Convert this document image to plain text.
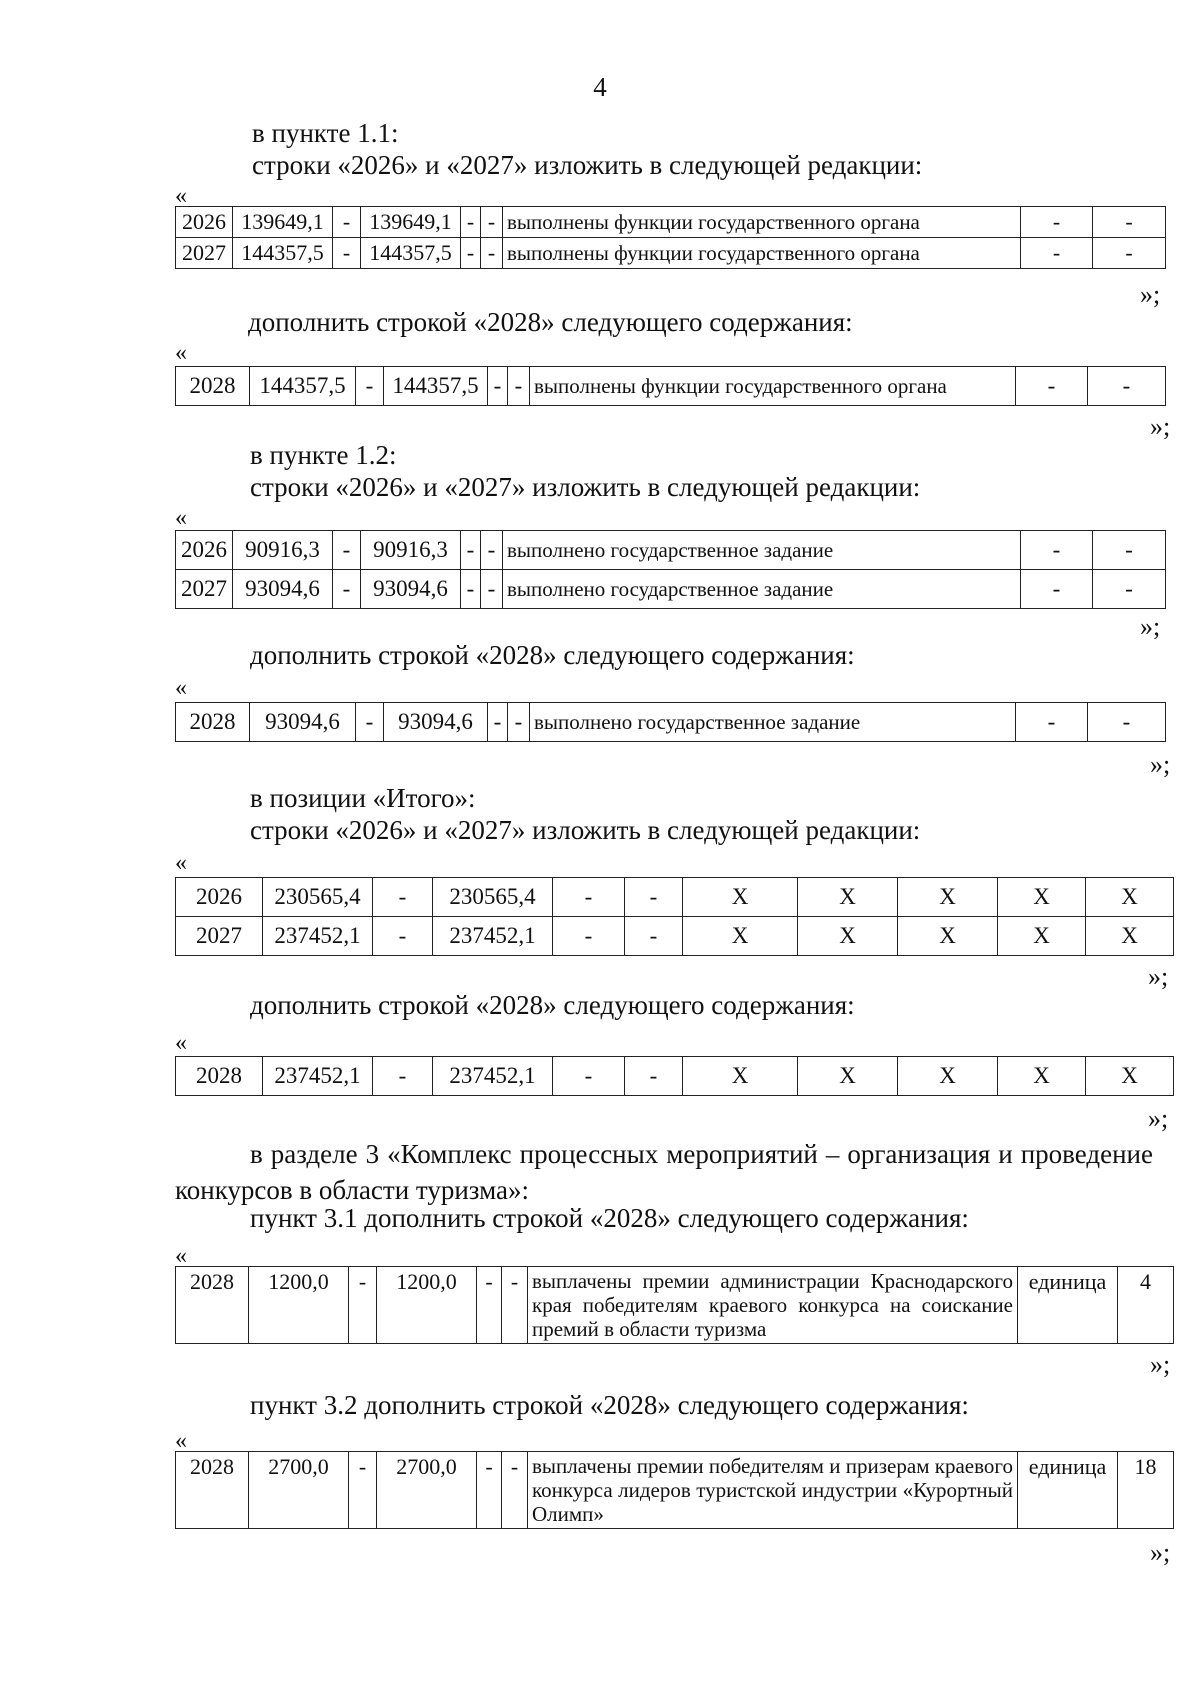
4
в пункте 1.1:
строки «2026» и «2027» изложить в следующей редакции:
«
2026	139649,1	-	139649,1	-	-	выполнены функции государственного органа	-	-
2027	144357,5	-	144357,5	-	-	выполнены функции государственного органа	-	-
»;
дополнить строкой «2028» следующего содержания:
«
2028	144357,5	-	144357,5	-	-	выполнены функции государственного органа	-	-
»;
в пункте 1.2:
строки «2026» и «2027» изложить в следующей редакции:
«
2026	90916,3	-	90916,3	-	-	выполнено государственное задание	-	-
2027	93094,6	-	93094,6	-	-	выполнено государственное задание	-	-
»;
дополнить строкой «2028» следующего содержания:
«
2028	93094,6	-	93094,6	-	-	выполнено государственное задание	-	-
»;
в позиции «Итого»:
строки «2026» и «2027» изложить в следующей редакции:
«
2026	230565,4	-	230565,4	-	-	X	X	X	X	X
2027	237452,1	-	237452,1	-	-	X	X	X	X	X
»;
дополнить строкой «2028» следующего содержания:
«
2028	237452,1	-	237452,1	-	-	X	X	X	X	X
»;
в разделе 3 «Комплекс процессных мероприятий – организация и проведение конкурсов в области туризма»:
пункт 3.1 дополнить строкой «2028» следующего содержания:
«
2028	1200,0	-	1200,0	-	-	выплачены премии администрации Краснодарского края победителям краевого конкурса на соискание премий в области туризма	единица	4
»;
пункт 3.2 дополнить строкой «2028» следующего содержания:
«
2028	2700,0	-	2700,0	-	-	выплачены премии победителям и призерам краевого конкурса лидеров туристской индустрии «Курортный Олимп»	единица	18
»;
